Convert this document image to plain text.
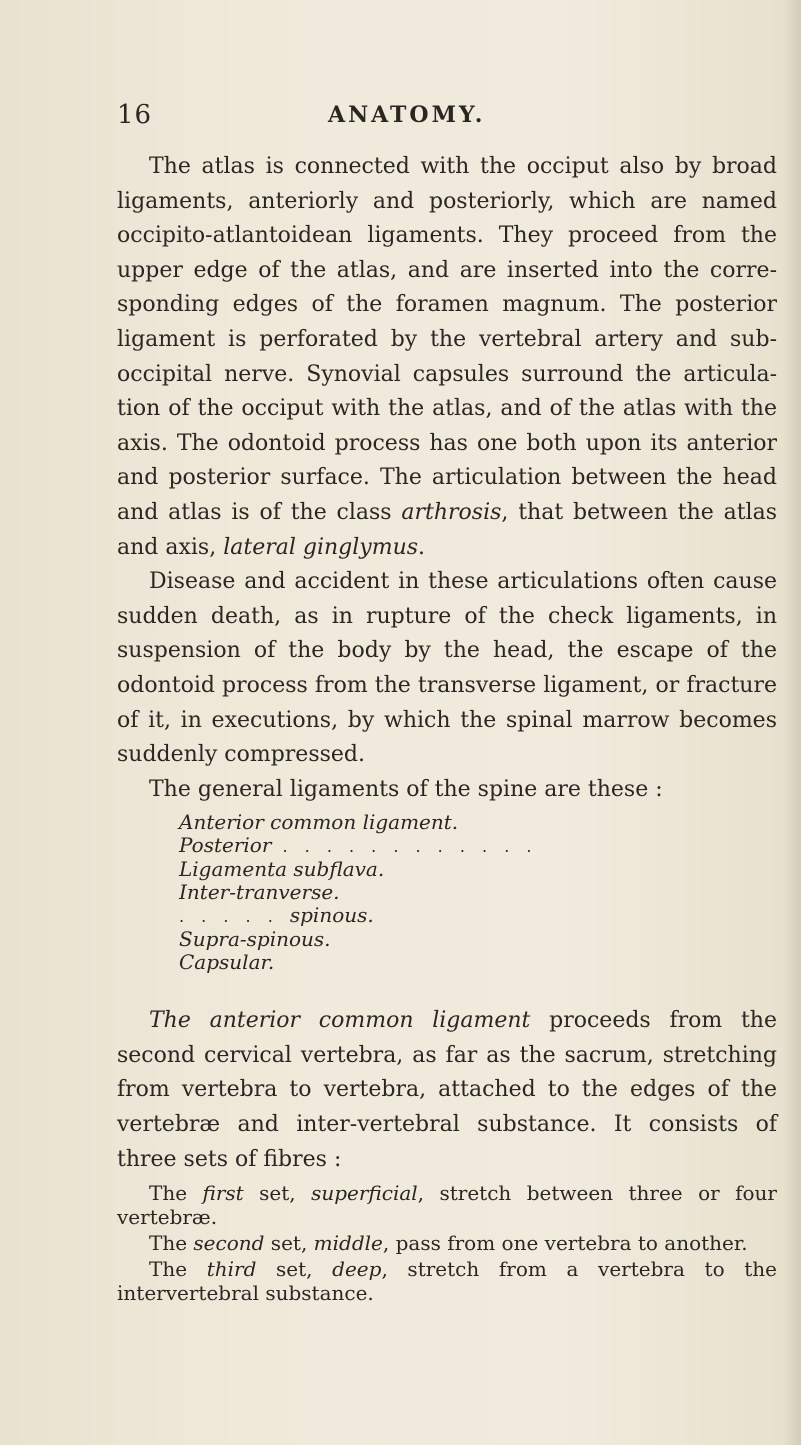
16	ANATOMY.

The atlas is connected with the occiput also by broad ligaments, anteriorly and posteriorly, which are named occipito-atlantoidean ligaments. They proceed from the upper edge of the atlas, and are inserted into the corresponding edges of the foramen magnum. The posterior ligament is perforated by the vertebral artery and suboccipital nerve. Synovial capsules surround the articulation of the occiput with the atlas, and of the atlas with the axis. The odontoid process has one both upon its anterior and posterior surface. The articulation between the head and atlas is of the class arthrosis, that between the atlas and axis, lateral ginglymus.

Disease and accident in these articulations often cause sudden death, as in rupture of the check ligaments, in suspension of the body by the head, the escape of the odontoid process from the transverse ligament, or fracture of it, in executions, by which the spinal marrow becomes suddenly compressed.

The general ligaments of the spine are these :

Anterior common ligament.
Posterior . . . . . . . . . . . .
Ligamenta subflava.
Inter-tranverse.
. . . . . spinous.
Supra-spinous.
Capsular.

The anterior common ligament proceeds from the second cervical vertebra, as far as the sacrum, stretching from vertebra to vertebra, attached to the edges of the vertebræ and inter-vertebral substance. It consists of three sets of fibres :

The first set, superficial, stretch between three or four vertebræ.

The second set, middle, pass from one vertebra to another.

The third set, deep, stretch from a vertebra to the intervertebral substance.
